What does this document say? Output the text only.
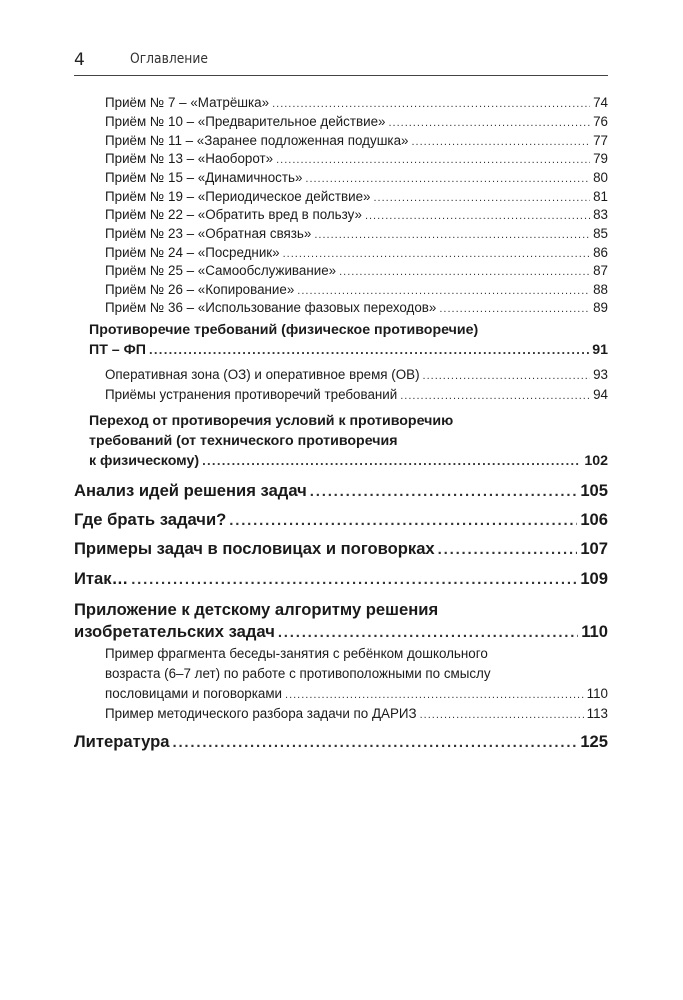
4	Оглавление
Приём № 7 – «Матрёшка» .....	74
Приём № 10 – «Предварительное действие» .....	76
Приём № 11 – «Заранее подложенная подушка» .....	77
Приём № 13 – «Наоборот» .....	79
Приём № 15 – «Динамичность» .....	80
Приём № 19 – «Периодическое действие» .....	81
Приём № 22 – «Обратить вред в пользу» .....	83
Приём № 23 – «Обратная связь» .....	85
Приём № 24 – «Посредник» .....	86
Приём № 25 – «Самообслуживание» .....	87
Приём № 26 – «Копирование» .....	88
Приём № 36 – «Использование фазовых переходов» .....	89
Противоречие требований (физическое противоречие)
ПТ – ФП .....	91
Оперативная зона (ОЗ) и оперативное время (ОВ) .....	93
Приёмы устранения противоречий требований .....	94
Переход от противоречия условий к противоречию
требований (от технического противоречия
к физическому) .....	102
Анализ идей решения задач .....	105
Где брать задачи? .....	106
Примеры задач в пословицах и поговорках .....	107
Итак… .....	109
Приложение к детскому алгоритму решения
изобретательских задач .....	110
Пример фрагмента беседы-занятия с ребёнком дошкольного
возраста (6–7 лет) по работе с противоположными по смыслу
пословицами и поговорками .....	110
Пример методического разбора задачи по ДАРИЗ .....	113
Литература .....	125
